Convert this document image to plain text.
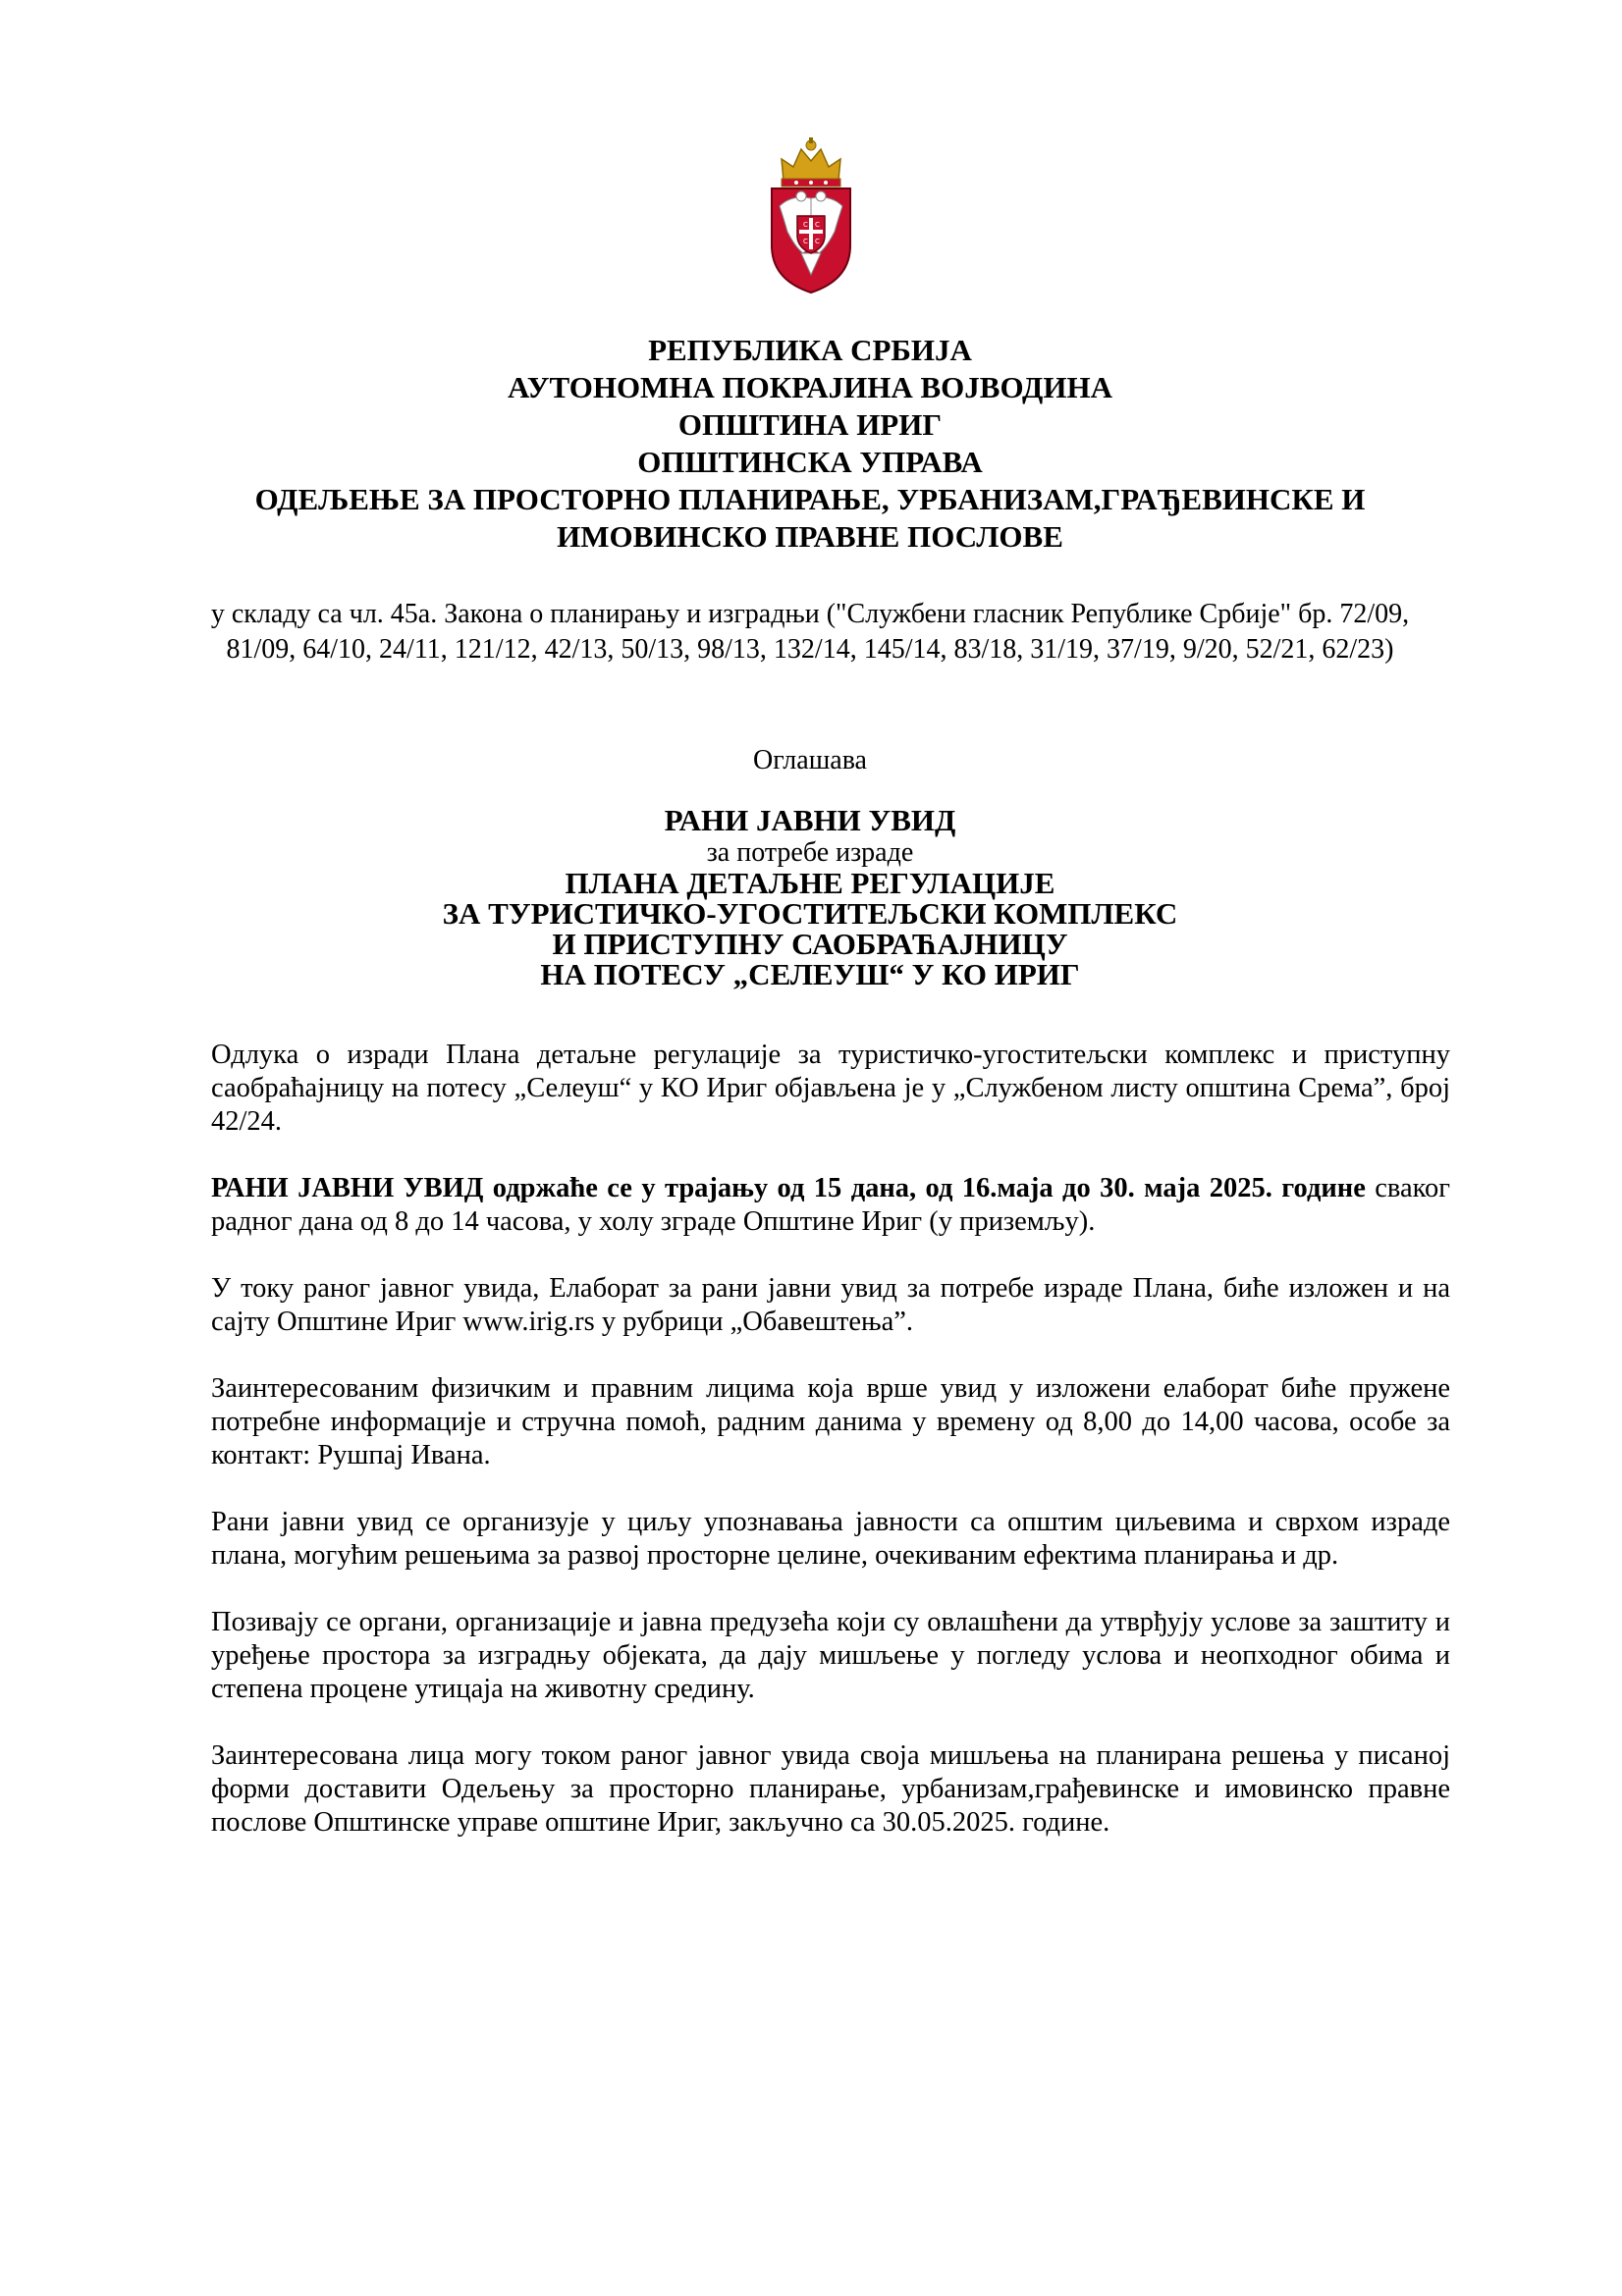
С С
С С
РЕПУБЛИКА СРБИЈА
АУТОНОМНА ПОКРАЈИНА ВОЈВОДИНА
ОПШТИНА ИРИГ
ОПШТИНСКА УПРАВА
ОДЕЉЕЊЕ ЗА ПРОСТОРНО ПЛАНИРАЊЕ, УРБАНИЗАМ,ГРАЂЕВИНСКЕ И
ИМОВИНСКО ПРАВНЕ ПОСЛОВЕ
у складу са чл. 45а. Закона о планирању и изградњи ("Службени гласник Републике Србије" бр. 72/09, 81/09, 64/10, 24/11, 121/12, 42/13, 50/13, 98/13, 132/14, 145/14, 83/18, 31/19, 37/19, 9/20, 52/21, 62/23)
Оглашава
РАНИ ЈАВНИ УВИД
за потребе израде
ПЛАНА ДЕТАЉНЕ РЕГУЛАЦИЈЕ
ЗА ТУРИСТИЧКО-УГОСТИТЕЉСКИ КОМПЛЕКС
И ПРИСТУПНУ САОБРАЋАЈНИЦУ
НА ПОТЕСУ „СЕЛЕУШ“ У КО ИРИГ

Одлука о изради Плана детаљне регулације за туристичко-угоститељски комплекс и приступну саобраћајницу на потесу „Селеуш“ у КО Ириг објављена је у „Службеном листу општина Срема”, број 42/24.

РАНИ ЈАВНИ УВИД одржаће се у трајању од 15 дана, од 16.маја до 30. маја 2025. године сваког радног дана од 8 до 14 часова, у холу зграде Општине Ириг (у приземљу).

У току раног јавног увида, Елаборат за рани јавни увид за потребе израде Плана, биће изложен и на сајту Општине Ириг www.irig.rs у рубрици „Обавештења”.

Заинтересованим физичким и правним лицима која врше увид у изложени елаборат биће пружене потребне информације и стручна помоћ, радним данима у времену од 8,00 до 14,00 часова, особе за контакт: Рушпај Ивана.

Рани јавни увид се организује у циљу упознавања јавности са општим циљевима и сврхом израде плана, могућим решењима за развој просторне целине, очекиваним ефектима планирања и др.

Позивају се органи, организације и јавна предузећа који су овлашћени да утврђују услове за заштиту и уређење простора за изградњу објеката, да дају мишљење у погледу услова и неопходног обима и степена процене утицаја на животну средину.

Заинтересована лица могу током раног јавног увида своја мишљења на планирана решења у писаној форми доставити Одељењу за просторно планирање, урбанизам,грађевинске и имовинско правне послове Општинске управе општине Ириг, закључно са 30.05.2025. године.
